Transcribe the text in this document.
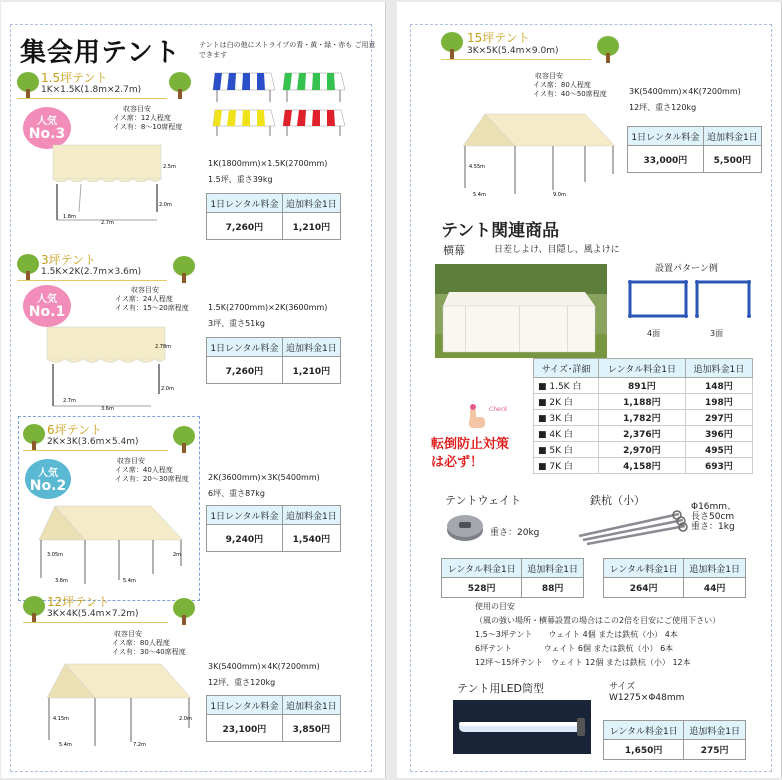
集会用テント	テントは白の他にストライプの青・黄・緑・赤も ご用意できます
1.5坪テント
1K×1.5K(1.8m×2.7m)
人気
No.3
収容目安
イス席：12人程度
イス有：8〜10席程度
2.5m
2.0m
1.8m
2.7m
1K(1800mm)×1.5K(2700mm)
1.5坪、重さ39kg
1日レンタル料金	追加料金1日
7,260円	1,210円
3坪テント
1.5K×2K(2.7m×3.6m)
人気
No.1
収容目安
イス席：24人程度
イス有：15〜20席程度
2.78m
2.0m
2.7m
3.6m
1.5K(2700mm)×2K(3600mm)
3坪、重さ51kg
1日レンタル料金	追加料金1日
7,260円	1,210円
6坪テント
2K×3K(3.6m×5.4m)
人気
No.2
収容目安
イス席：40人程度
イス有：20〜30席程度
3.05m	2m
3.6m	5.4m
2K(3600mm)×3K(5400mm)
6坪、重さ87kg
1日レンタル料金	追加料金1日
9,240円	1,540円
12坪テント
3K×4K(5.4m×7.2m)
収容目安
イス席：80人程度
イス有：30〜40席程度
4.15m	2.0m
5.4m	7.2m
3K(5400mm)×4K(7200mm)
12坪、重さ120kg
1日レンタル料金	追加料金1日
23,100円	3,850円
15坪テント
3K×5K(5.4m×9.0m)
収容目安
イス席：80人程度
イス有：40〜50席程度
4.55m
5.4m	9.0m
3K(5400mm)×4K(7200mm)
12坪、重さ120kg
1日レンタル料金	追加料金1日
33,000円	5,500円
テント関連商品
横幕	日差しよけ、目隠し、風よけに
設置パターン例
4面	3面
サイズ･詳細	レンタル料金1日	追加料金1日
■ 1.5K 白	891円	148円
■ 2K 白	1,188円	198円
■ 3K 白	1,782円	297円
■ 4K 白	2,376円	396円
■ 5K 白	2,970円	495円
■ 7K 白	4,158円	693円
Check
転倒防止対策
は必ず！
テントウェイト
重さ：20kg
レンタル料金1日	追加料金1日
528円	88円
鉄杭（小）	Φ16mm、
長さ50cm
重さ：1kg
レンタル料金1日	追加料金1日
264円	44円
使用の目安
（風の強い場所・横幕設置の場合はこの2倍を目安にご使用下さい）
1.5〜3坪テント　　ウェイト 4個 または鉄杭（小） 4本
6坪テント　　　　ウェイト 6個 または鉄杭（小） 6本
12坪〜15坪テント　ウェイト 12個 または鉄杭（小） 12本
テント用LED筒型	サイズ
W1275×Φ48mm
レンタル料金1日	追加料金1日
1,650円	275円
